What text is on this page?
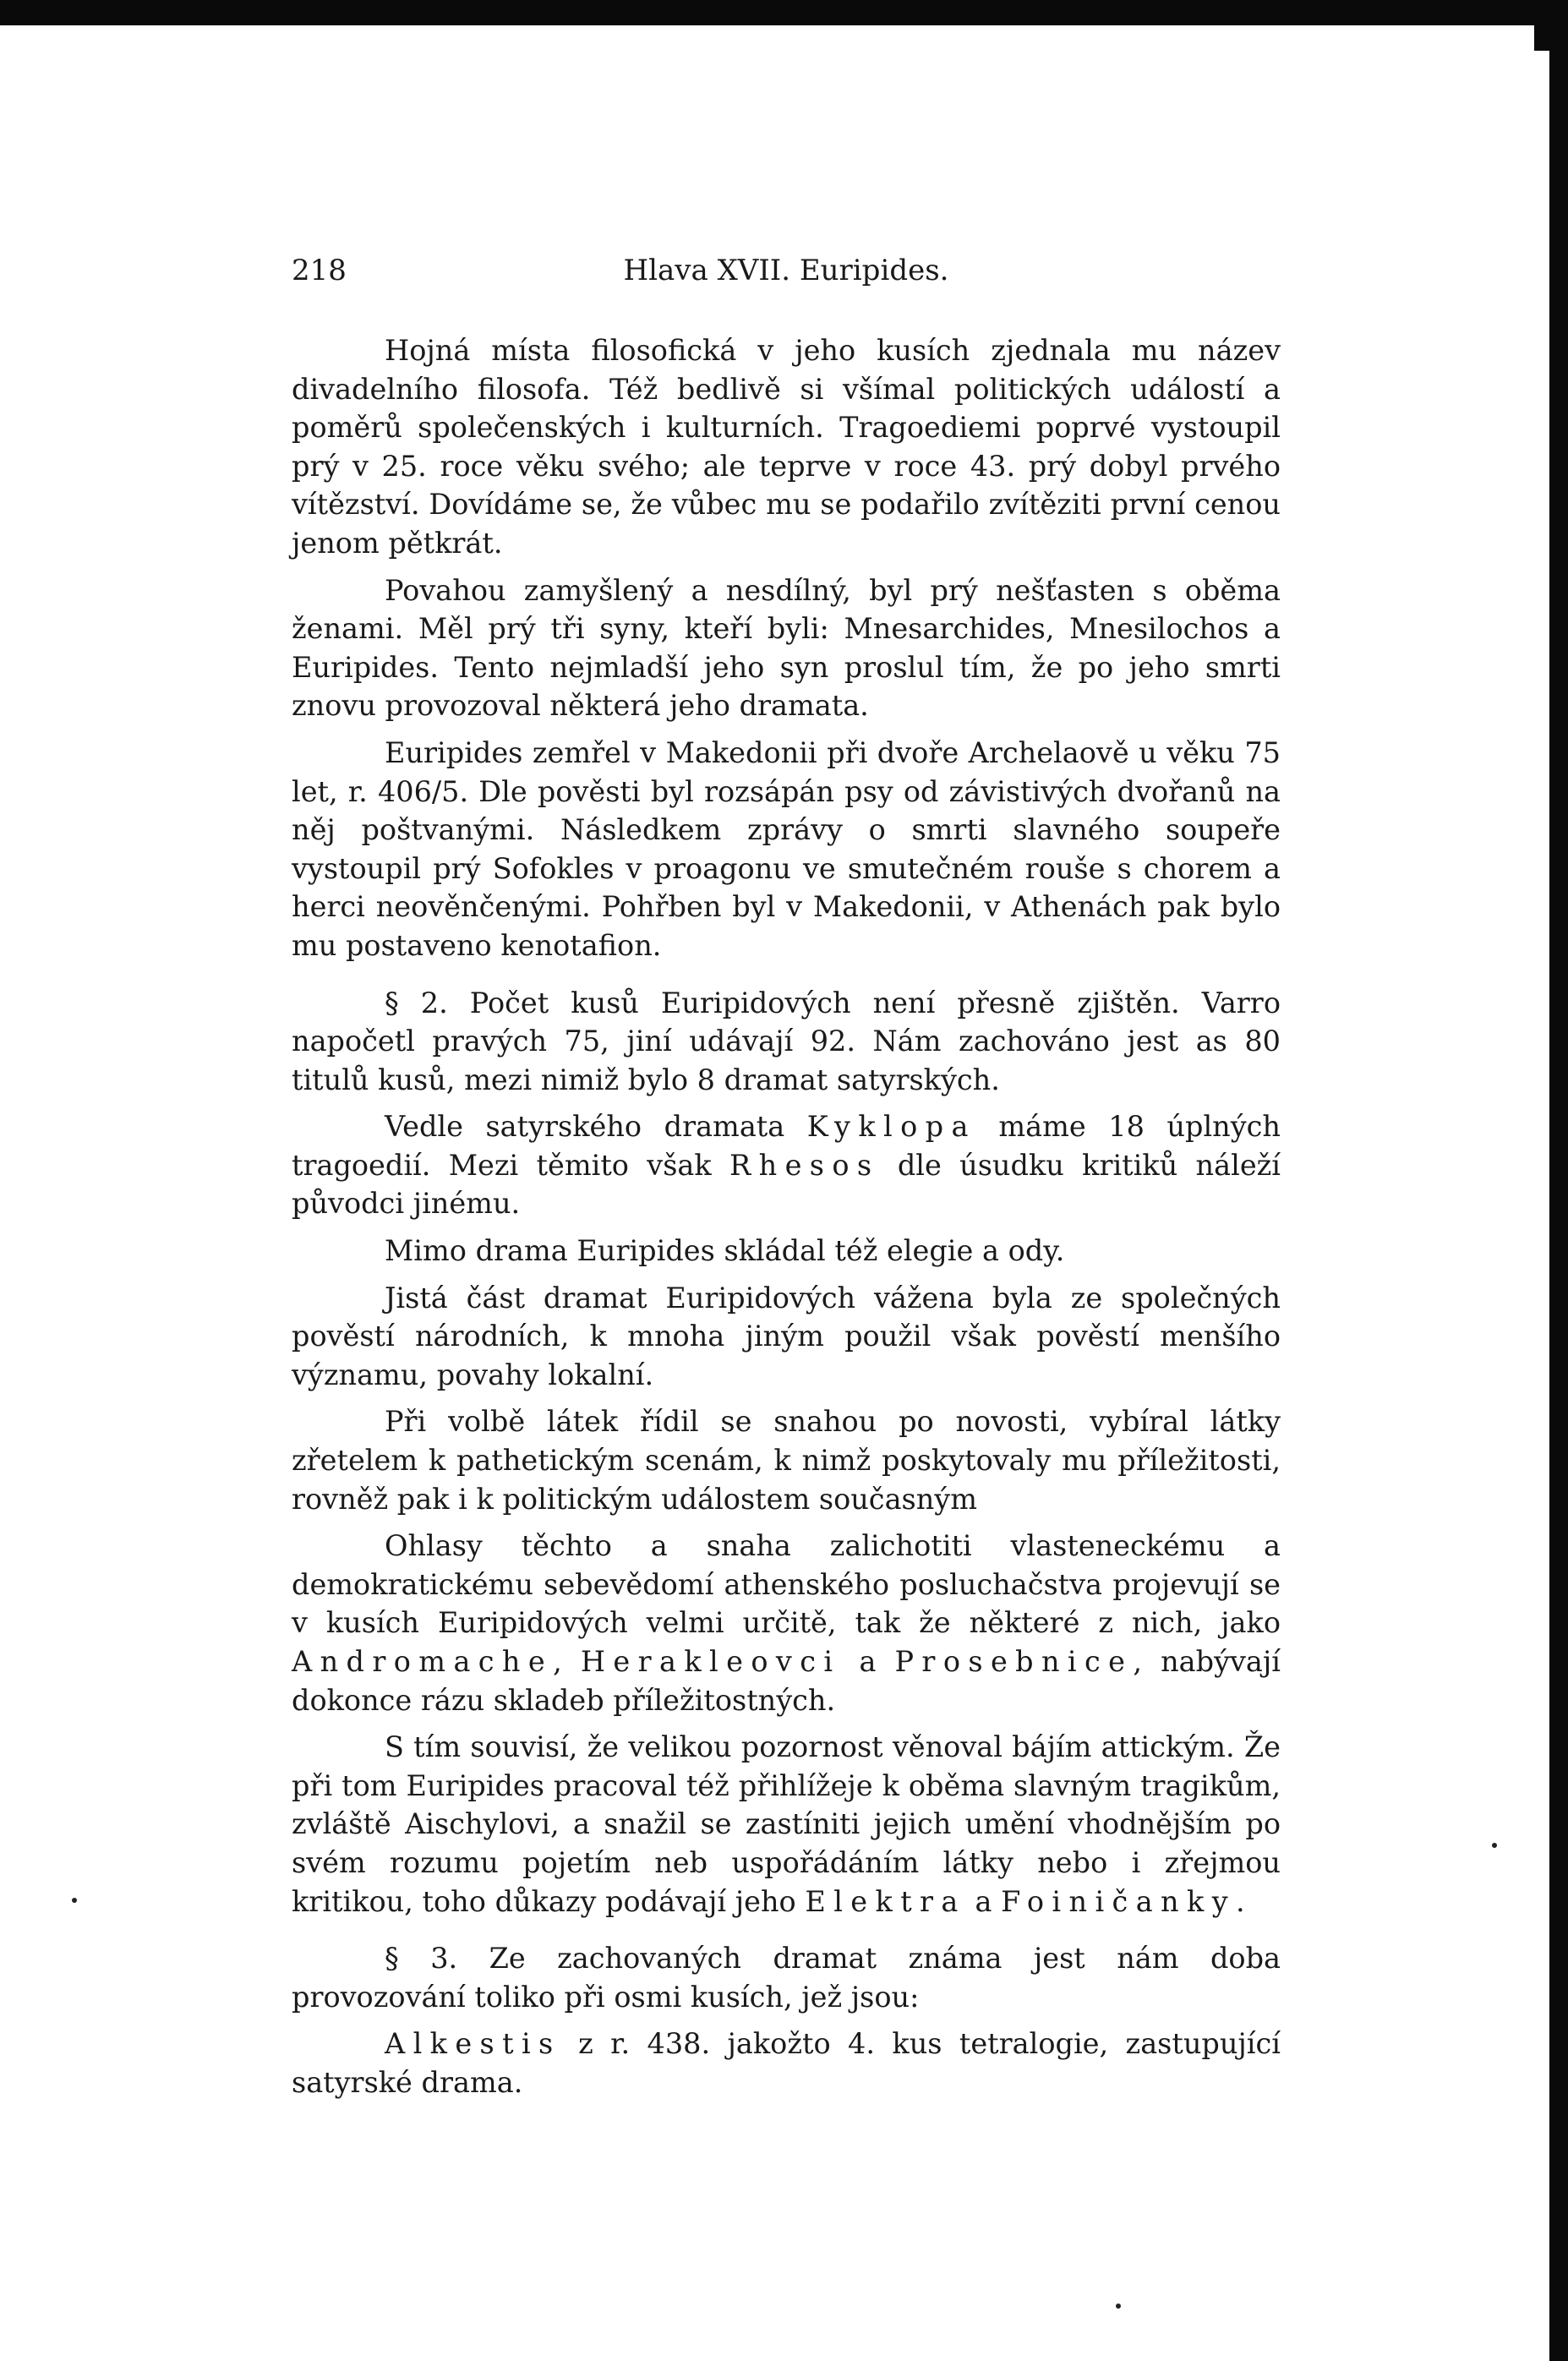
218	Hlava XVII. Euripides.

Hojná místa filosofická v jeho kusích zjednala mu název divadelního filosofa. Též bedlivě si všímal politických událostí a poměrů společenských i kulturních. Tragoediemi poprvé vystoupil prý v 25. roce věku svého; ale teprve v roce 43. prý dobyl prvého vítězství. Dovídáme se, že vůbec mu se podařilo zvítěziti první cenou jenom pětkrát.

Povahou zamyšlený a nesdílný, byl prý nešťasten s oběma ženami. Měl prý tři syny, kteří byli: Mnesarchides, Mnesilochos a Euripides. Tento nejmladší jeho syn proslul tím, že po jeho smrti znovu provozoval některá jeho dramata.

Euripides zemřel v Makedonii při dvoře Archelaově u věku 75 let, r. 406/5. Dle pověsti byl rozsápán psy od závistivých dvořanů na něj poštvanými. Následkem zprávy o smrti slavného soupeře vystoupil prý Sofokles v proagonu ve smutečném rouše s chorem a herci neověnčenými. Pohřben byl v Makedonii, v Athenách pak bylo mu postaveno kenotafion.

§ 2. Počet kusů Euripidových není přesně zjištěn. Varro napočetl pravých 75, jiní udávají 92. Nám zachováno jest as 80 titulů kusů, mezi nimiž bylo 8 dramat satyrských.

Vedle satyrského dramata Kyklopa máme 18 úplných tragoedií. Mezi těmito však Rhesos dle úsudku kritiků náleží původci jinému.

Mimo drama Euripides skládal též elegie a ody.

Jistá část dramat Euripidových vážena byla ze společných pověstí národních, k mnoha jiným použil však pověstí menšího významu, povahy lokalní.

Při volbě látek řídil se snahou po novosti, vybíral látky zřetelem k pathetickým scenám, k nimž poskytovaly mu příležitosti, rovněž pak i k politickým událostem současným

Ohlasy těchto a snaha zalichotiti vlasteneckému a demokratickému sebevědomí athenského posluchačstva projevují se v kusích Euripidových velmi určitě, tak že některé z nich, jako Andromache, Herakleovci a Prosebnice, nabývají dokonce rázu skladeb příležitostných.

S tím souvisí, že velikou pozornost věnoval bájím attickým. Že při tom Euripides pracoval též přihlížeje k oběma slavným tragikům, zvláště Aischylovi, a snažil se zastíniti jejich umění vhodnějším po svém rozumu pojetím neb uspořádáním látky nebo i zřejmou kritikou, toho důkazy podávají jeho Elektra a Foiničanky.

§ 3. Ze zachovaných dramat známa jest nám doba provozování toliko při osmi kusích, jež jsou:

Alkestis z r. 438. jakožto 4. kus tetralogie, zastupující satyrské drama.
